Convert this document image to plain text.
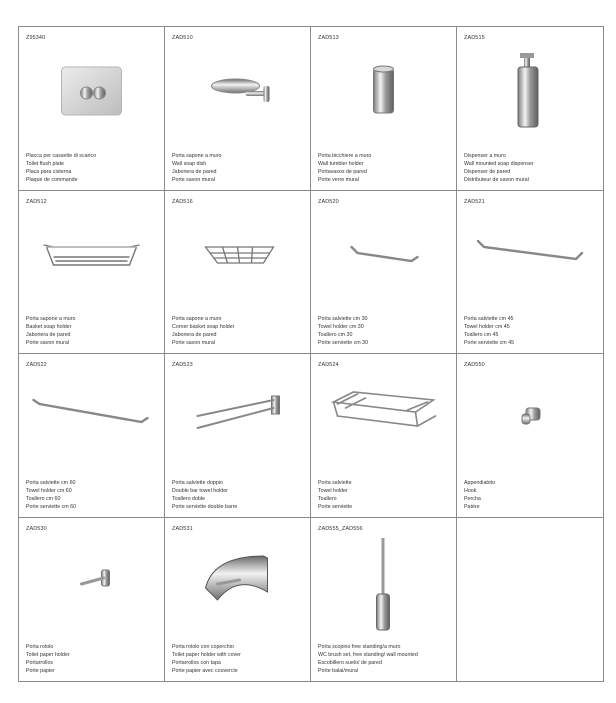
Z95340
Placca per cassette di scarico
Toilet flush plate
Placa para cisterna
Plaque de commande
ZAD510
Porta sapone a muro
Wall soap dish
Jabonera de pared
Porte savon mural
ZAD513
Porta bicchiere a muro
Wall tumbler holder
Portavasos de pared
Porte verre mural
ZAD515
Dispenser a muro
Wall mounted soap dispenser
Dispenser de pared
Distributeur de savon mural
ZAD512
Porta sapone a muro
Basket soap holder
Jabonera de pared
Porte savon mural
ZAD516
Porta sapone a muro
Corner basket soap holder
Jabonera de pared
Porte savon mural
ZAD520
Porta salviette cm 30
Towel holder cm 30
Toallero cm 30
Porte serviette cm 30
ZAD521
Porta salviette cm 45
Towel holder cm 45
Toallero cm 45
Porte serviette cm 45
ZAD522
Porta salviette cm 60
Towel holder cm 60
Toallero cm 60
Porte serviette cm 60
ZAD523
Porta salviette doppio
Double bar towel holder
Toallero doble
Porte serviette double barre
ZAD524
Porta salviette
Towel holder
Toallero
Porte serviette
ZAD550
Appendiabito
Hook
Percha
Patère
ZAD530
Porta rotolo
Toilet paper holder
Portarrollos
Porte papier
ZAD531
Porta rotolo con coperchio
Toilet paper holder with cover
Portarrollos con tapa
Porte papier avec couvercle
ZAD555_ZAD556
Porta scopino free standing/a muro
WC brush set, free standing/ wall mounted
Escobillero suelo/ de pared
Porte balai/mural
